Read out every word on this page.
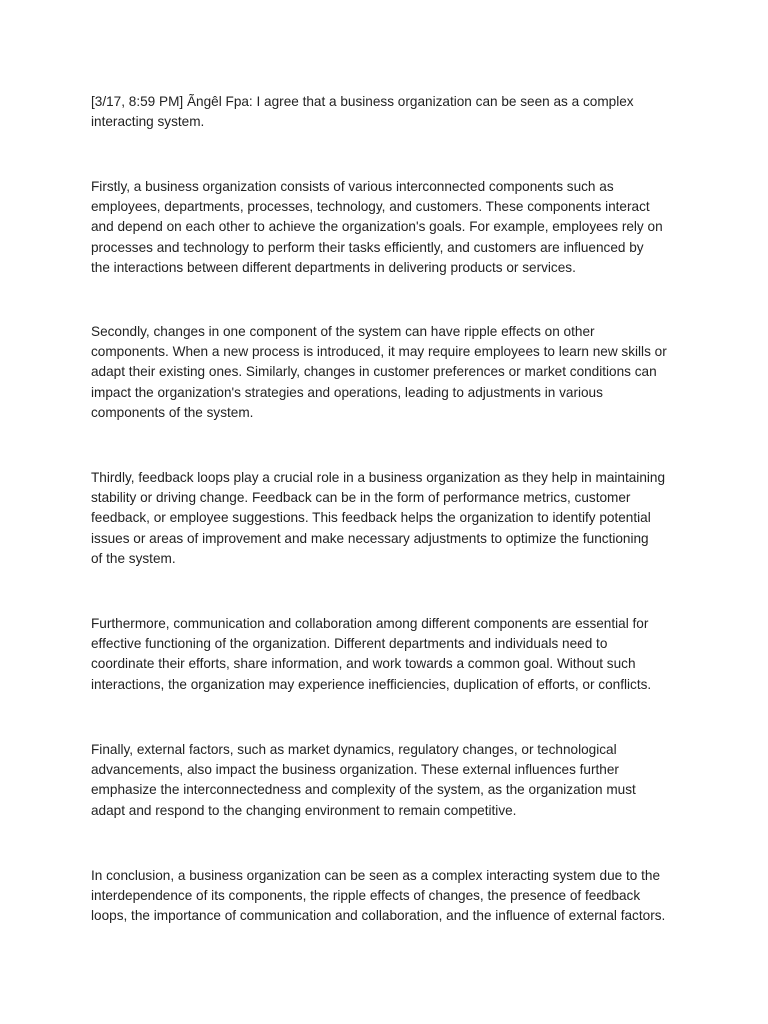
[3/17, 8:59 PM] Ãngêl Fpa: I agree that a business organization can be seen as a complex
interacting system.

Firstly, a business organization consists of various interconnected components such as
employees, departments, processes, technology, and customers. These components interact
and depend on each other to achieve the organization's goals. For example, employees rely on
processes and technology to perform their tasks efficiently, and customers are influenced by
the interactions between different departments in delivering products or services.

Secondly, changes in one component of the system can have ripple effects on other
components. When a new process is introduced, it may require employees to learn new skills or
adapt their existing ones. Similarly, changes in customer preferences or market conditions can
impact the organization's strategies and operations, leading to adjustments in various
components of the system.

Thirdly, feedback loops play a crucial role in a business organization as they help in maintaining
stability or driving change. Feedback can be in the form of performance metrics, customer
feedback, or employee suggestions. This feedback helps the organization to identify potential
issues or areas of improvement and make necessary adjustments to optimize the functioning
of the system.

Furthermore, communication and collaboration among different components are essential for
effective functioning of the organization. Different departments and individuals need to
coordinate their efforts, share information, and work towards a common goal. Without such
interactions, the organization may experience inefficiencies, duplication of efforts, or conflicts.

Finally, external factors, such as market dynamics, regulatory changes, or technological
advancements, also impact the business organization. These external influences further
emphasize the interconnectedness and complexity of the system, as the organization must
adapt and respond to the changing environment to remain competitive.

In conclusion, a business organization can be seen as a complex interacting system due to the
interdependence of its components, the ripple effects of changes, the presence of feedback
loops, the importance of communication and collaboration, and the influence of external factors.
